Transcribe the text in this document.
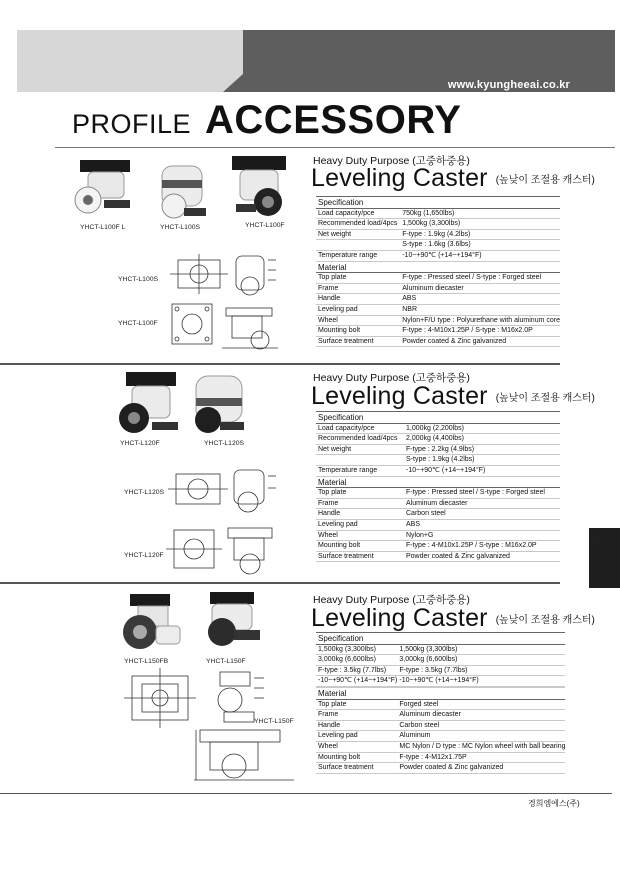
www.kyungheeai.co.kr
PROFILE ACCESSORY
Accessory
Heavy Duty Purpose (고중하중용)
Leveling Caster (높낮이 조절용 캐스터)
Specification	
Load capacity/pce	750kg (1,650lbs)
Recommended load/4pcs	1,500kg (3,300lbs)
Net weight	F-type : 1.9kg (4.2lbs)
	S-type : 1.6kg (3.6lbs)
Temperature range	-10~+90℃ (+14~+194°F)
Material	
Top plate	F-type : Pressed steel / S-type : Forged steel
Frame	Aluminum diecaster
Handle	ABS
Leveling pad	NBR
Wheel	Nylon+F/U type : Polyurethane with aluminum core
Mounting bolt	F-type : 4-M10x1.25P / S-type : M16x2.0P
Surface treatment	Powder coated & Zinc galvanized
YHCT-L100F L	YHCT-L100S	YHCT-L100F
YHCT-L100S
YHCT-L100F
Heavy Duty Purpose (고중하중용)
Leveling Caster (높낮이 조절용 캐스터)
Specification	
Load capacity/pce	1,000kg (2,200lbs)
Recommended load/4pcs	2,000kg (4,400lbs)
Net weight	F-type : 2.2kg (4.9lbs)
	S-type : 1.9kg (4.2lbs)
Temperature range	-10~+90℃ (+14~+194°F)
Material	
Top plate	F-type : Pressed steel / S-type : Forged steel
Frame	Aluminum diecaster
Handle	Carbon steel
Leveling pad	ABS
Wheel	Nylon+G
Mounting bolt	F-type : 4-M10x1.25P / S-type : M16x2.0P
Surface treatment	Powder coated & Zinc galvanized
YHCT-L120F	YHCT-L120S
YHCT-L120S
YHCT-L120F
Heavy Duty Purpose (고중하중용)
Leveling Caster (높낮이 조절용 캐스터)
Specification	
1,500kg (3,300lbs)	1,500kg (3,300lbs)
3,000kg (6,600lbs)	3,000kg (6,600lbs)
F-type : 3.5kg (7.7lbs)	F-type : 3.5kg (7.7lbs)
-10~+90℃ (+14~+194°F)	-10~+90℃ (+14~+194°F)

Material	
Top plate	Forged steel
Frame	Aluminum diecaster
Handle	Carbon steel
Leveling pad	Aluminum
Wheel	MC Nylon / D type : MC Nylon wheel with ball bearing
Mounting bolt	F-type : 4-M12x1.75P
Surface treatment	Powder coated & Zinc galvanized
YHCT-L150FB	YHCT-L150F
YHCT-L150F
경희엠에스(주)
